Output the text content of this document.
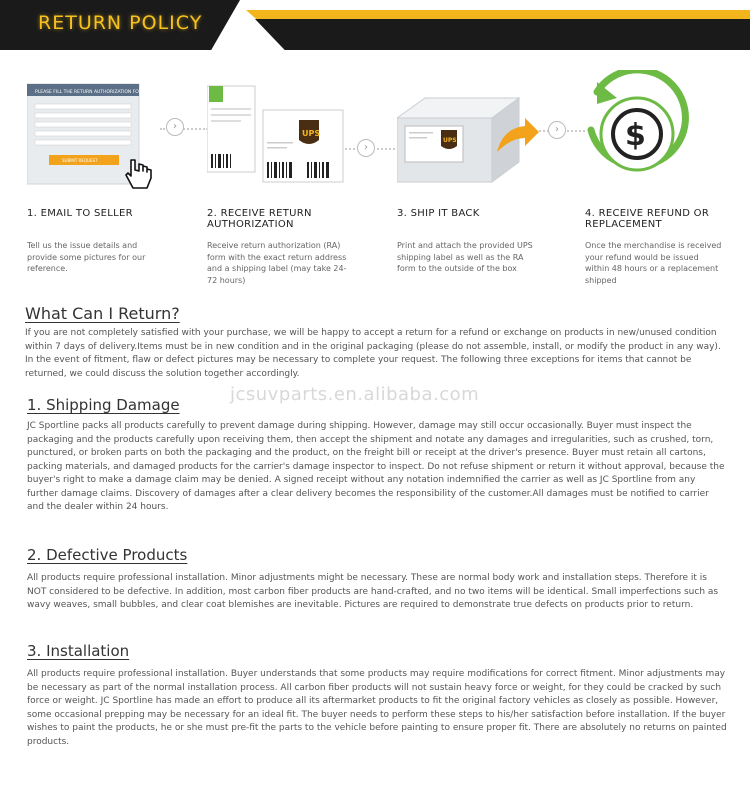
RETURN POLICY
›
›
›
PLEASE FILL THE RETURN AUTHORIZATION FORM
SUBMIT REQUEST
1. EMAIL TO SELLER
Tell us the issue details and provide some pictures for our reference.
UPS
2. RECEIVE RETURN AUTHORIZATION
Receive return authorization (RA) form with the exact return address and a shipping label (may take 24-72 hours)
UPS
3. SHIP IT BACK
Print and attach the provided UPS shipping label as well as the RA form to the outside of the box
$
4. RECEIVE REFUND OR REPLACEMENT
Once the merchandise is received your refund would be issued within 48 hours or a replacement shipped
What Can I Return?
If you are not completely satisfied with your purchase, we will be happy to accept a return for a refund or exchange on products in new/unused condition within 7 days of delivery.Items must be in new condition and in the original packaging (please do not assemble, install, or modify the product in any way). In the event of fitment, flaw or defect pictures may be necessary to complete your request. The following three exceptions for items that cannot be returned, we could discuss the solution together accordingly.
jcsuvparts.en.alibaba.com
1. Shipping Damage
JC Sportline packs all products carefully to prevent damage during shipping. However, damage may still occur occasionally. Buyer must inspect the packaging and the products carefully upon receiving them, then accept the shipment and notate any damages and irregularities, such as crushed, torn, punctured, or broken parts on both the packaging and the product, on the freight bill or receipt at the driver's presence. Buyer must retain all cartons, packing materials, and damaged products for the carrier's damage inspector to inspect. Do not refuse shipment or return it without approval, because the buyer's right to make a damage claim may be denied. A signed receipt without any notation indemnified the carrier as well as JC Sportline from any further damage claims. Discovery of damages after a clear delivery becomes the responsibility of the customer.All damages must be notified to carrier and the dealer within 24 hours.
2. Defective Products
All products require professional installation. Minor adjustments might be necessary. These are normal body work and installation steps. Therefore it is NOT considered to be defective. In addition, most carbon fiber products are hand-crafted, and no two items will be identical. Small imperfections such as wavy weaves, small bubbles, and clear coat blemishes are inevitable. Pictures are required to demonstrate true defects on products prior to return.
3. Installation
All products require professional installation. Buyer understands that some products may require modifications for correct fitment. Minor adjustments may be necessary as part of the normal installation process. All carbon fiber products will not sustain heavy force or weight, for they could be cracked by such force or weight. JC Sportline has made an effort to produce all its aftermarket products to fit the original factory vehicles as closely as possible. However, some occasional prepping may be necessary for an ideal fit. The buyer needs to perform these steps to his/her satisfaction before installation. If the buyer wishes to paint the products, he or she must pre-fit the parts to the vehicle before painting to ensure proper fit. There are absolutely no returns on painted products.
